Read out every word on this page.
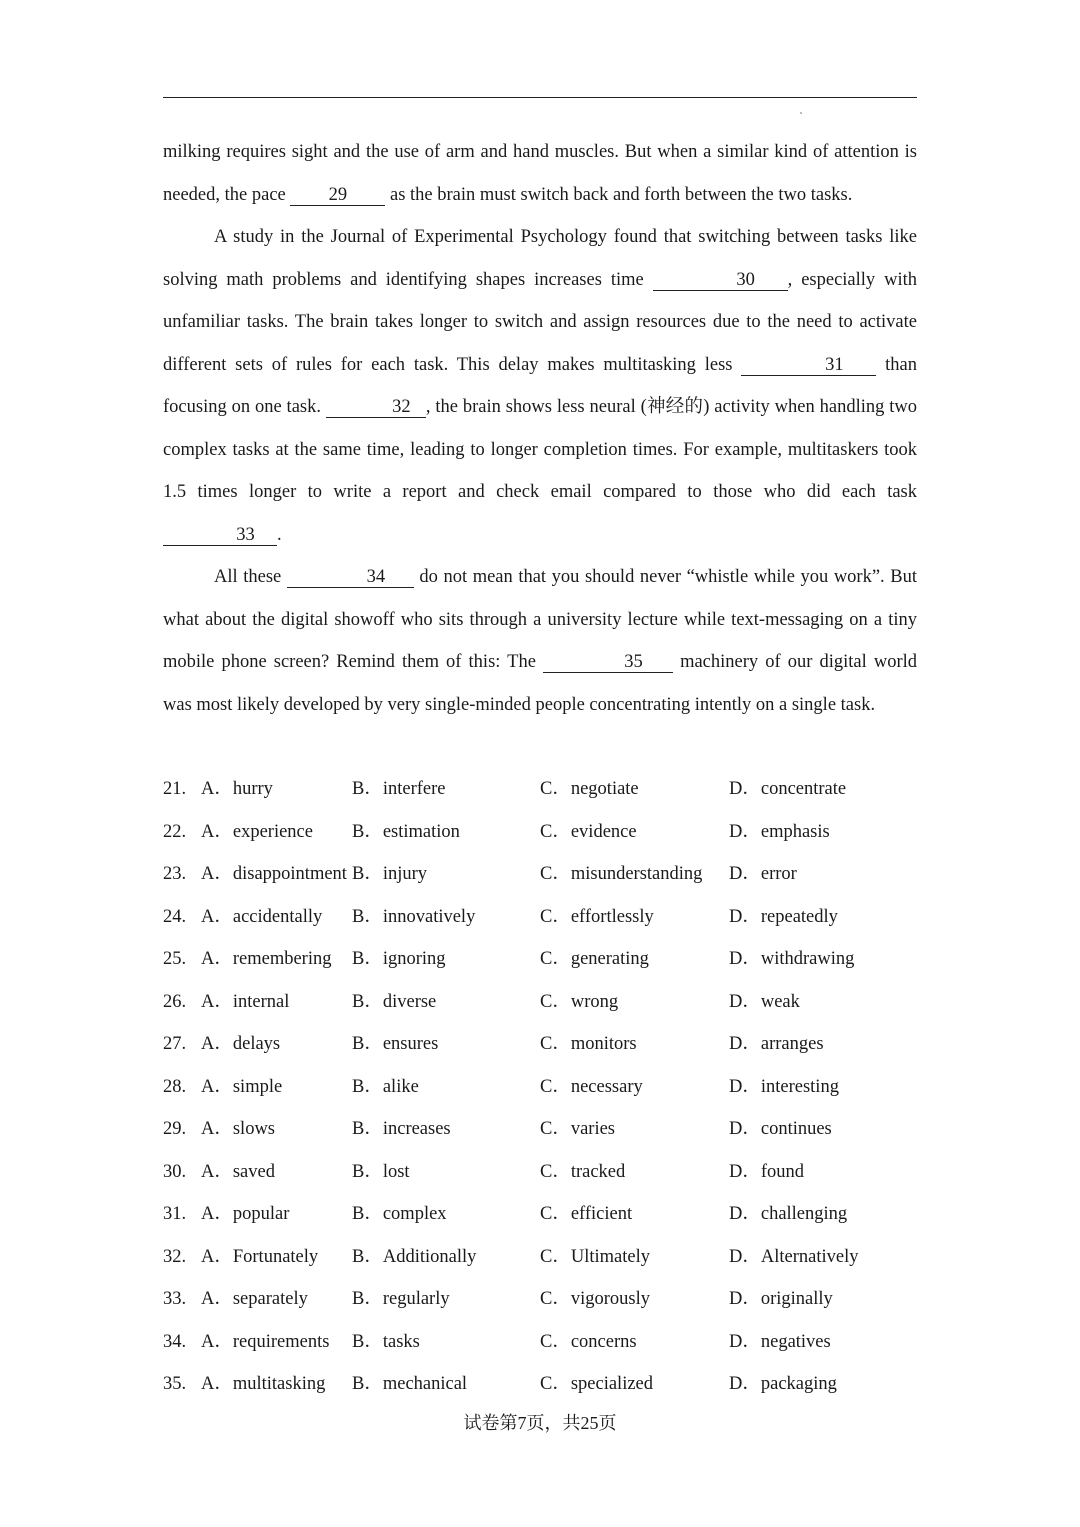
milking requires sight and the use of arm and hand muscles. But when a similar kind of attention is needed, the pace 29 as the brain must switch back and forth between the two tasks.

A study in the Journal of Experimental Psychology found that switching between tasks like solving math problems and identifying shapes increases time	30 , especially with unfamiliar tasks. The brain takes longer to switch and assign resources due to the need to activate different sets of rules for each task. This delay makes multitasking less	31 than focusing on one task.	32 , the brain shows less neural (神经的) activity when handling two complex tasks at the same time, leading to longer completion times. For example, multitaskers took 1.5 times longer to write a report and check email compared to those who did each task 33 .

All these	34 do not mean that you should never “whistle while you work”. But what about the digital showoff who sits through a university lecture while text-messaging on a tiny mobile phone screen? Remind them of this: The	35 machinery of our digital world was most likely developed by very single-minded people concentrating intently on a single task.

21. A．hurry	B．interfere	C．negotiate	D．concentrate
22. A．experience B．estimation	C．evidence	D．emphasis
23. A．disappointment B．injury	C．misunderstanding D．error
24. A．accidentally B．innovatively	C．effortlessly	D．repeatedly
25. A．remembering B．ignoring	C．generating	D．withdrawing
26. A．internal	B．diverse	C．wrong	D．weak
27. A．delays	B．ensures	C．monitors	D．arranges
28. A．simple	B．alike	C．necessary	D．interesting
29. A．slows	B．increases	C．varies	D．continues
30. A．saved	B．lost	C．tracked	D．found
31. A．popular	B．complex	C．efficient	D．challenging
32. A．Fortunately B．Additionally	C．Ultimately	D．Alternatively
33. A．separately B．regularly	C．vigorously	D．originally
34. A．requirements B．tasks	C．concerns	D．negatives
35. A．multitasking B．mechanical	C．specialized	D．packaging
试卷第7页，共25页
